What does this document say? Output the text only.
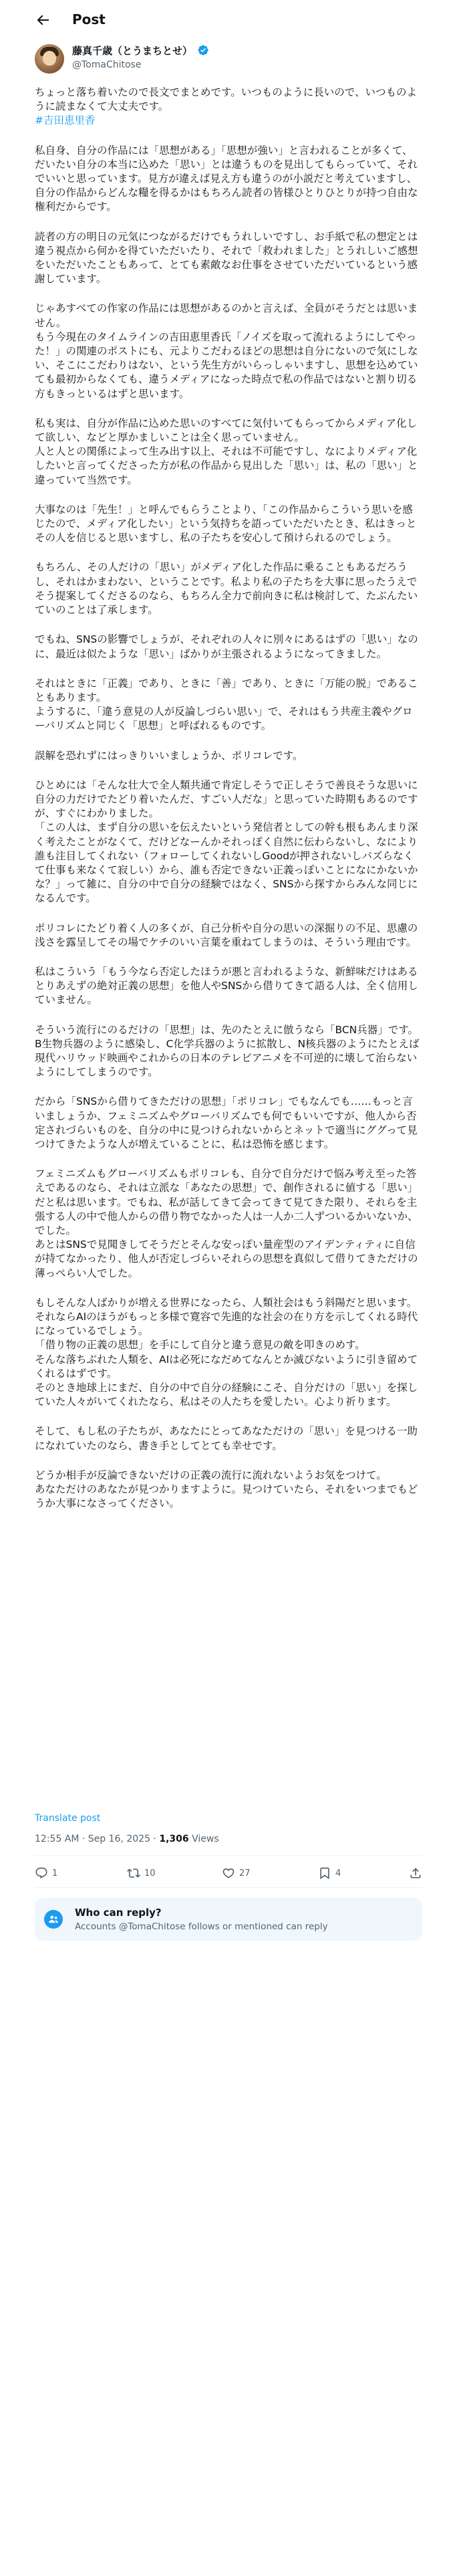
Post
藤真千歳（とうまちとせ）
@TomaChitose

ちょっと落ち着いたので長文でまとめです。いつものように長いので、いつものように読まなくて大丈夫です。
#吉田恵里香

私自身、自分の作品には「思想がある」「思想が強い」と言われることが多くて、だいたい自分の本当に込めた「思い」とは違うものを見出してもらっていて、それでいいと思っています。見方が違えば見え方も違うのが小説だと考えていますし、自分の作品からどんな糧を得るかはもちろん読者の皆様ひとりひとりが持つ自由な権利だからです。

読者の方の明日の元気につながるだけでもうれしいですし、お手紙で私の想定とは違う視点から何かを得ていただいたり、それで「救われました」とうれしいご感想をいただいたこともあって、とても素敵なお仕事をさせていただいているという感謝しています。

じゃあすべての作家の作品には思想があるのかと言えば、全員がそうだとは思いません。
もう今現在のタイムラインの吉田恵里香氏「ノイズを取って流れるようにしてやった！」の関連のポストにも、元よりこだわるほどの思想は自分にないので気にしない、そこにこだわりはない、という先生方がいらっしゃいますし、思想を込めていても最初からなくても、違うメディアになった時点で私の作品ではないと割り切る方もきっといるはずと思います。

私も実は、自分が作品に込めた思いのすべてに気付いてもらってからメディア化して欲しい、などと厚かましいことは全く思っていません。
人と人との関係によって生み出す以上、それは不可能ですし、なによりメディア化したいと言ってくださった方が私の作品から見出した「思い」は、私の「思い」と違っていて当然です。

大事なのは「先生！」と呼んでもらうことより、「この作品からこういう思いを感じたので、メディア化したい」という気持ちを語っていただいたとき、私はきっとその人を信じると思いますし、私の子たちを安心して預けられるのでしょう。

もちろん、その人だけの「思い」がメディア化した作品に乗ることもあるだろうし、それはかまわない、ということです。私より私の子たちを大事に思ったうえでそう提案してくださるのなら、もちろん全力で前向きに私は検討して、たぶんたいていのことは了承します。

でもね、SNSの影響でしょうが、それぞれの人々に別々にあるはずの「思い」なのに、最近は似たような「思い」ばかりが主張されるようになってきました。

それはときに「正義」であり、ときに「善」であり、ときに「万能の脱」であることもあります。
ようするに、「違う意見の人が反論しづらい思い」で、それはもう共産主義やグローバリズムと同じく「思想」と呼ばれるものです。

誤解を恐れずにはっきりいいましょうか、ポリコレです。

ひとめには「そんな壮大で全人類共通で肯定しそうで正しそうで善良そうな思いに自分の力だけでたどり着いたんだ、すごい人だな」と思っていた時期もあるのですが、すぐにわかりました。
「この人は、まず自分の思いを伝えたいという発信者としての幹も根もあんまり深く考えたことがなくて、だけどなーんかそれっぽく自然に伝わらないし、なにより誰も注目してくれない（フォローしてくれないしGoodが押されないしバズらなくて仕事も来なくて寂しい）から、誰も否定できない正義っぽいことになにかないかな？」って雑に、自分の中で自分の経験ではなく、SNSから探すからみんな同じになるんです。

ポリコレにたどり着く人の多くが、自己分析や自分の思いの深掘りの不足、思慮の浅さを露呈してその場でケチのいい言葉を重ねてしまうのは、そういう理由です。

私はこういう「もう今なら否定したほうが悪と言われるような、新鮮味だけはあるとりあえずの絶対正義の思想」を他人やSNSから借りてきて語る人は、全く信用していません。

そういう流行にのるだけの「思想」は、先のたとえに倣うなら「BCN兵器」です。B生物兵器のように感染し、C化学兵器のように拡散し、N核兵器のようにたとえば現代ハリウッド映画やこれからの日本のテレビアニメを不可逆的に壊して治らないようにしてしまうのです。

だから「SNSから借りてきただけの思想」「ポリコレ」でもなんでも……もっと言いましょうか、フェミニズムやグローバリズムでも何でもいいですが、他人から否定されづらいものを、自分の中に見つけられないからとネットで適当にググって見つけてきたような人が増えていることに、私は恐怖を感じます。

フェミニズムもグローバリズムもポリコレも、自分で自分だけで悩み考え至った答えであるのなら、それは立派な「あなたの思想」で、創作されるに値する「思い」だと私は思います。でもね、私が話してきて会ってきて見てきた限り、それらを主張する人の中で他人からの借り物でなかった人は一人か二人ずついるかいないか、でした。
あとはSNSで見聞きしてそうだとそんな安っぽい量産型のアイデンティティに自信が持てなかったり、他人が否定しづらいそれらの思想を真似して借りてきただけの薄っぺらい人でした。

もしそんな人ばかりが増える世界になったら、人類社会はもう斜陽だと思います。それならAIのほうがもっと多様で寛容で先進的な社会の在り方を示してくれる時代になっているでしょう。
「借り物の正義の思想」を手にして自分と違う意見の敵を叩きのめす。
そんな落ちぶれた人類を、AIは必死になだめてなんとか滅びないように引き留めてくれるはずです。
そのとき地球上にまだ、自分の中で自分の経験にこそ、自分だけの「思い」を探していた人々がいてくれたなら、私はその人たちを愛したい。心より祈ります。

そして、もし私の子たちが、あなたにとってあなただけの「思い」を見つける一助になれていたのなら、書き手としてとても幸せです。

どうか相手が反論できないだけの正義の流行に流れないようお気をつけて。
あなただけのあなたが見つかりますように。見つけていたら、それをいつまでもどうか大事になさってください。

Translate post
12:55 AM · Sep 16, 2025 · 1,306 Views
1	10	27	4
Who can reply?
Accounts @TomaChitose follows or mentioned can reply
